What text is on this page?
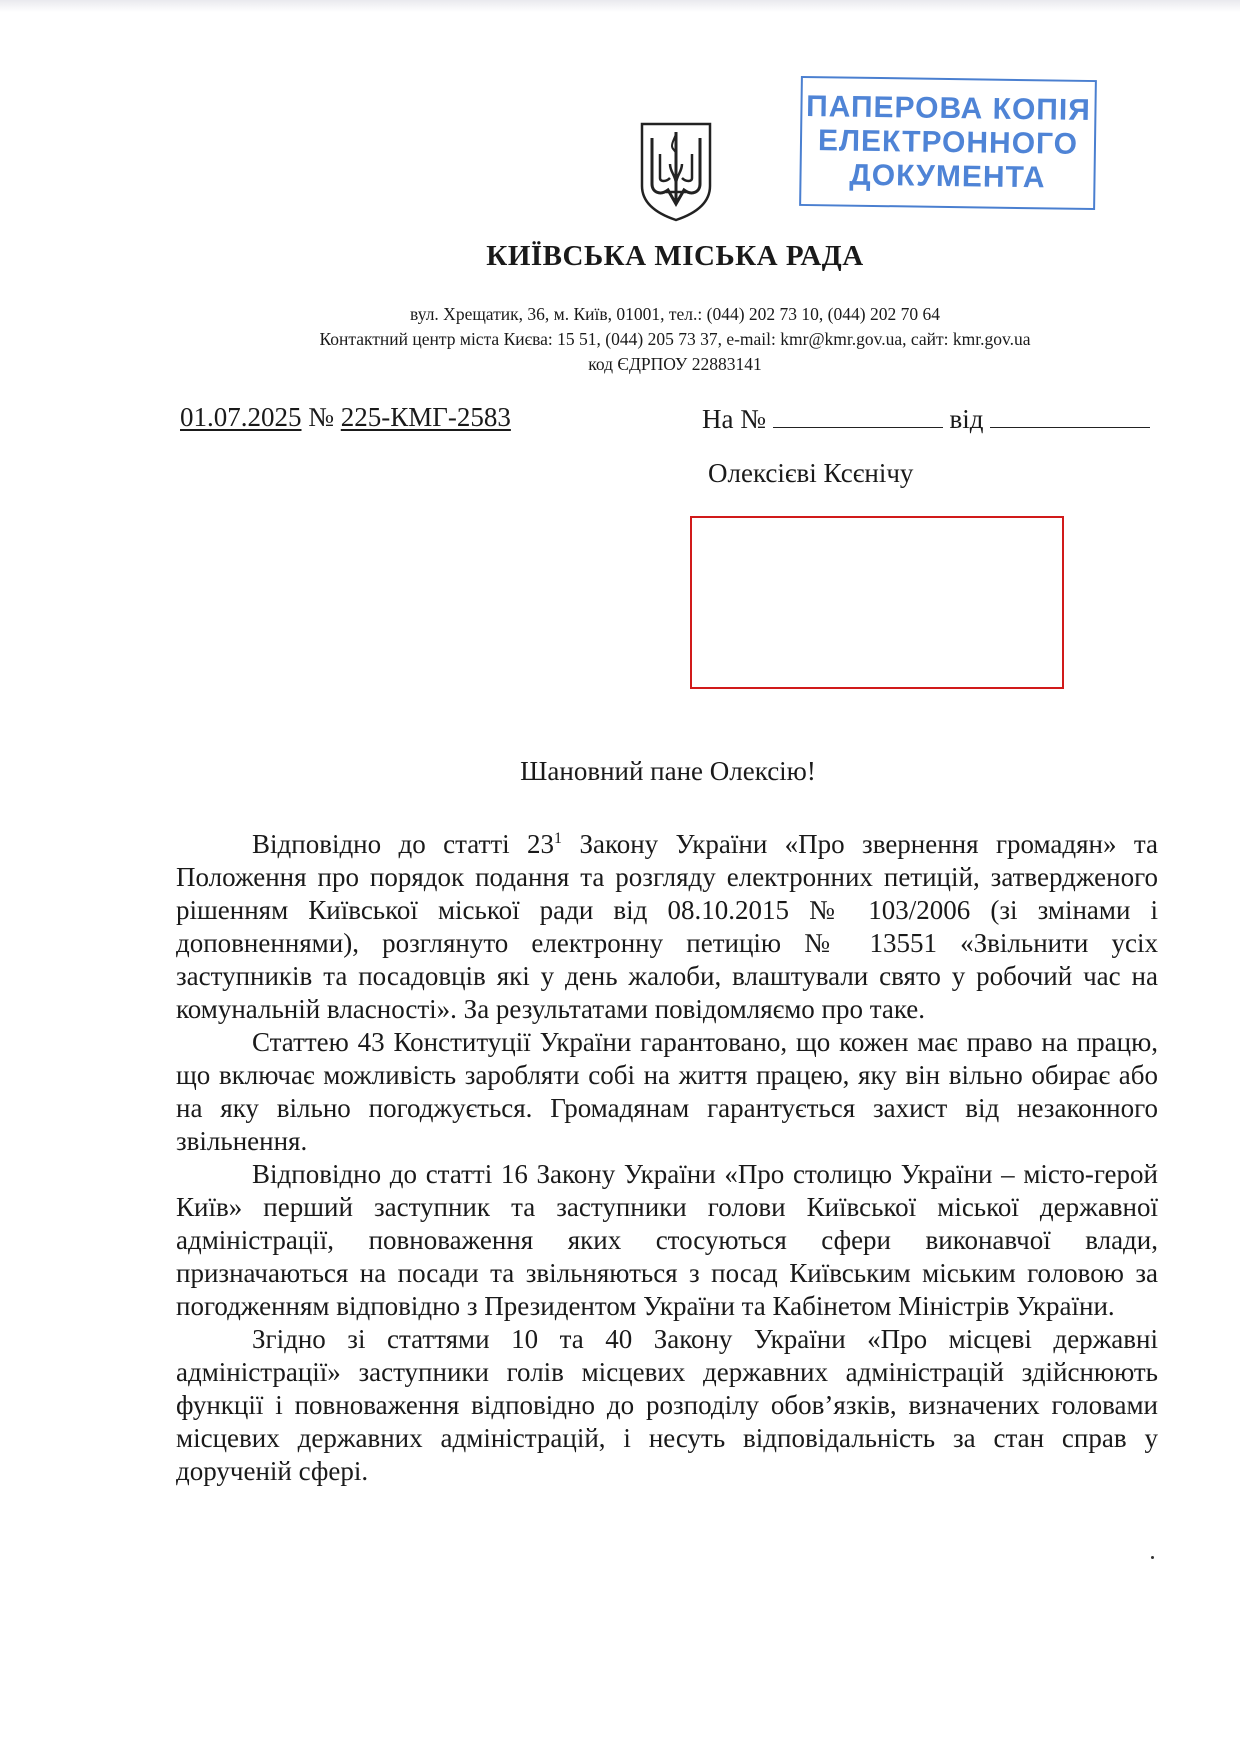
ПАПЕРОВА КОПІЯ
ЕЛЕКТРОННОГО
ДОКУМЕНТА
КИЇВСЬКА МІСЬКА РАДА
вул. Хрещатик, 36, м. Київ, 01001, тел.: (044) 202 73 10, (044) 202 70 64
Контактний центр міста Києва: 15 51, (044) 205 73 37, e-mail: kmr@kmr.gov.ua, сайт: kmr.gov.ua
код ЄДРПОУ 22883141
01.07.2025 № 225-КМГ-2583	На №	від
Олексієві Ксєнічу
Шановний пане Олексію!

Відповідно до статті $23^1$ Закону України «Про звернення громадян» та Положення про порядок подання та розгляду електронних петицій, затвердженого рішенням Київської міської ради від 08.10.2015 № 103/2006 (зі змінами і доповненнями), розглянуто електронну петицію № 13551 «Звільнити усіх заступників та посадовців які у день жалоби, влаштували свято у робочий час на комунальній власності». За результатами повідомляємо про таке.

Статтею 43 Конституції України гарантовано, що кожен має право на працю, що включає можливість заробляти собі на життя працею, яку він вільно обирає або на яку вільно погоджується. Громадянам гарантується захист від незаконного звільнення.

Відповідно до статті 16 Закону України «Про столицю України – місто-герой Київ» перший заступник та заступники голови Київської міської державної адміністрації, повноваження яких стосуються сфери виконавчої влади, призначаються на посади та звільняються з посад Київським міським головою за погодженням відповідно з Президентом України та Кабінетом Міністрів України.

Згідно зі статтями 10 та 40 Закону України «Про місцеві державні адміністрації» заступники голів місцевих державних адміністрацій здійснюють функції і повноваження відповідно до розподілу обов’язків, визначених головами місцевих державних адміністрацій, і несуть відповідальність за стан справ у дорученій сфері.
